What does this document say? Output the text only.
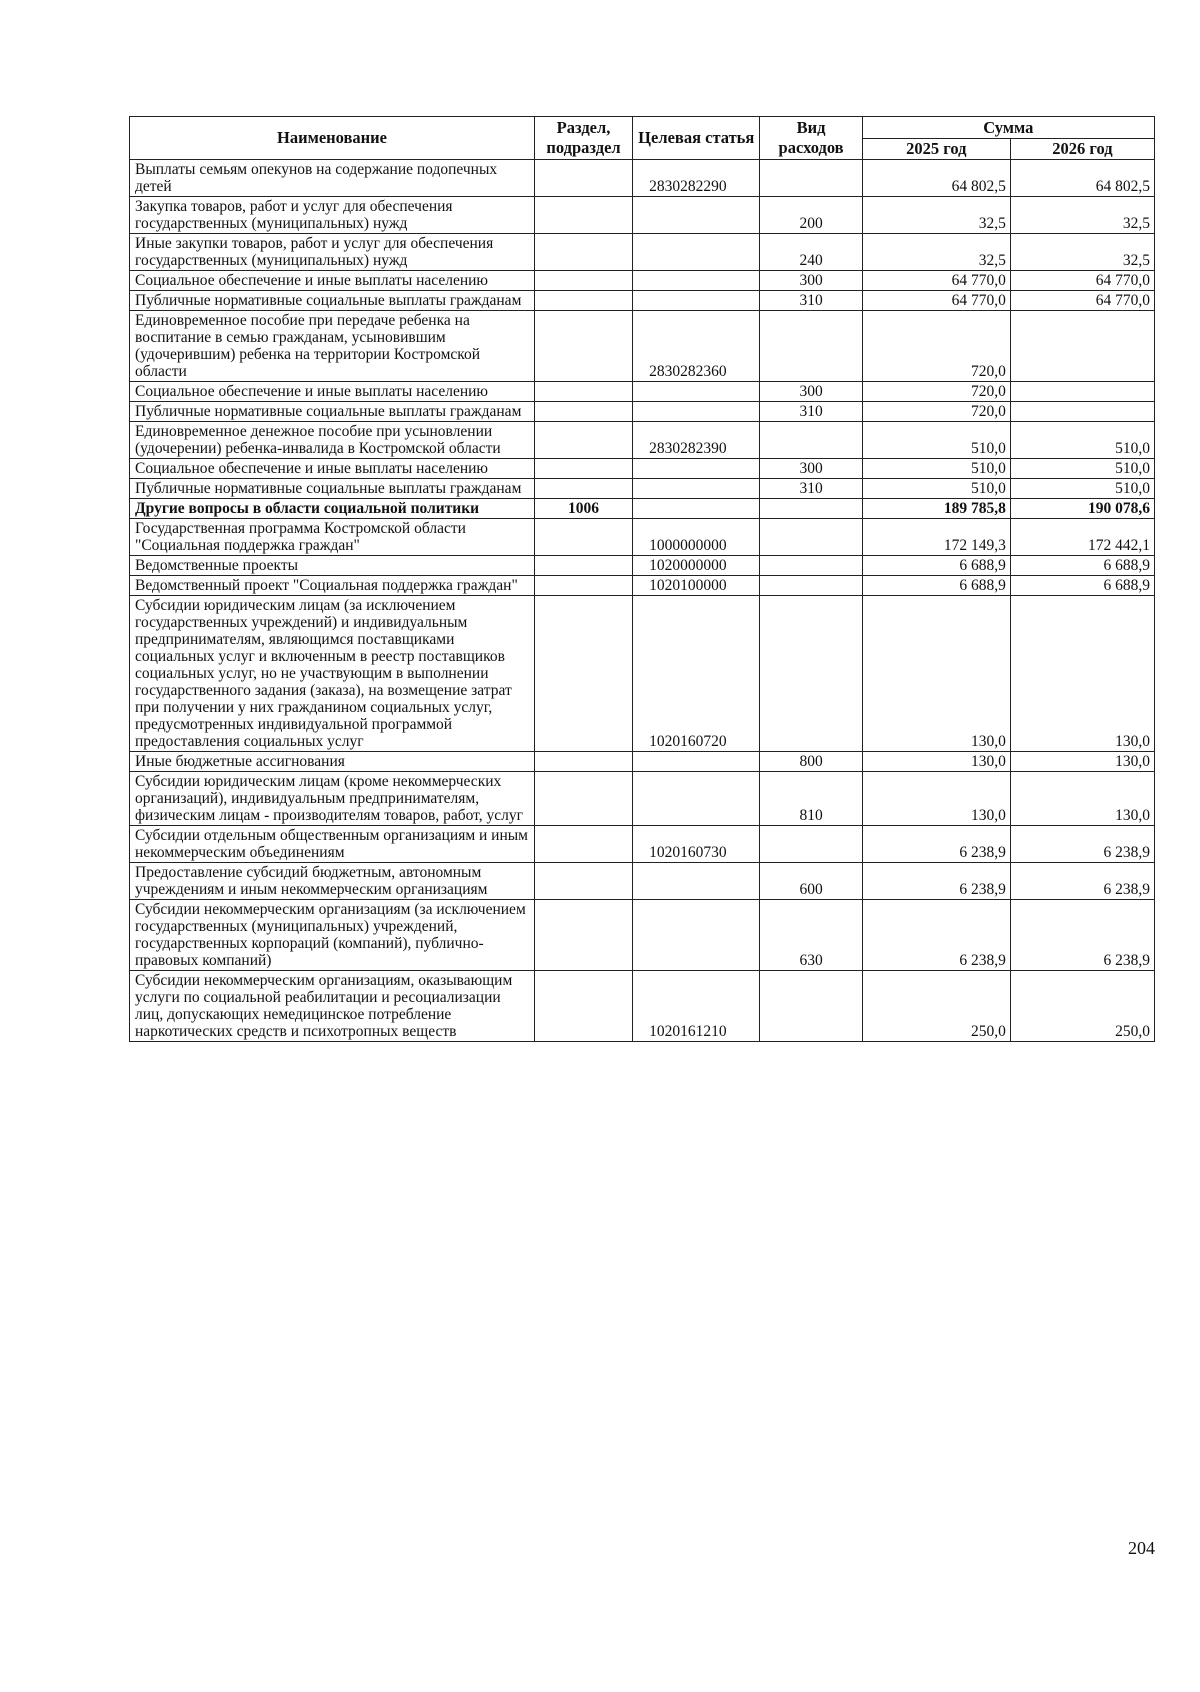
Наименование	Раздел, подраздел	Целевая статья	Вид расходов	Сумма	
				2025 год	2026 год
Выплаты семьям опекунов на содержание подопечных детей		2830282290		64 802,5	64 802,5
Закупка товаров, работ и услуг для обеспечения государственных (муниципальных) нужд			200	32,5	32,5
Иные закупки товаров, работ и услуг для обеспечения государственных (муниципальных) нужд			240	32,5	32,5
Социальное обеспечение и иные выплаты населению			300	64 770,0	64 770,0
Публичные нормативные социальные выплаты гражданам			310	64 770,0	64 770,0
Единовременное пособие при передаче ребенка на воспитание в семью гражданам, усыновившим (удочерившим) ребенка на территории Костромской области		2830282360		720,0	
Социальное обеспечение и иные выплаты населению			300	720,0	
Публичные нормативные социальные выплаты гражданам			310	720,0	
Единовременное денежное пособие при усыновлении (удочерении) ребенка-инвалида в Костромской области		2830282390		510,0	510,0
Социальное обеспечение и иные выплаты населению			300	510,0	510,0
Публичные нормативные социальные выплаты гражданам			310	510,0	510,0
Другие вопросы в области социальной политики	1006			189 785,8	190 078,6
Государственная программа Костромской области "Социальная поддержка граждан"		1000000000		172 149,3	172 442,1
Ведомственные проекты		1020000000		6 688,9	6 688,9
Ведомственный проект "Социальная поддержка граждан"		1020100000		6 688,9	6 688,9
Субсидии юридическим лицам (за исключением государственных учреждений) и индивидуальным предпринимателям, являющимся поставщиками социальных услуг и включенным в реестр поставщиков социальных услуг, но не участвующим в выполнении государственного задания (заказа), на возмещение затрат при получении у них гражданином социальных услуг, предусмотренных индивидуальной программой предоставления социальных услуг		1020160720		130,0	130,0
Иные бюджетные ассигнования			800	130,0	130,0
Субсидии юридическим лицам (кроме некоммерческих организаций), индивидуальным предпринимателям, физическим лицам - производителям товаров, работ, услуг			810	130,0	130,0
Субсидии отдельным общественным организациям и иным некоммерческим объединениям		1020160730		6 238,9	6 238,9
Предоставление субсидий бюджетным, автономным учреждениям и иным некоммерческим организациям			600	6 238,9	6 238,9
Субсидии некоммерческим организациям (за исключением государственных (муниципальных) учреждений, государственных корпораций (компаний), публично-правовых компаний)			630	6 238,9	6 238,9
Субсидии некоммерческим организациям, оказывающим услуги по социальной реабилитации и ресоциализации лиц, допускающих немедицинское потребление наркотических средств и психотропных веществ		1020161210		250,0	250,0
204
